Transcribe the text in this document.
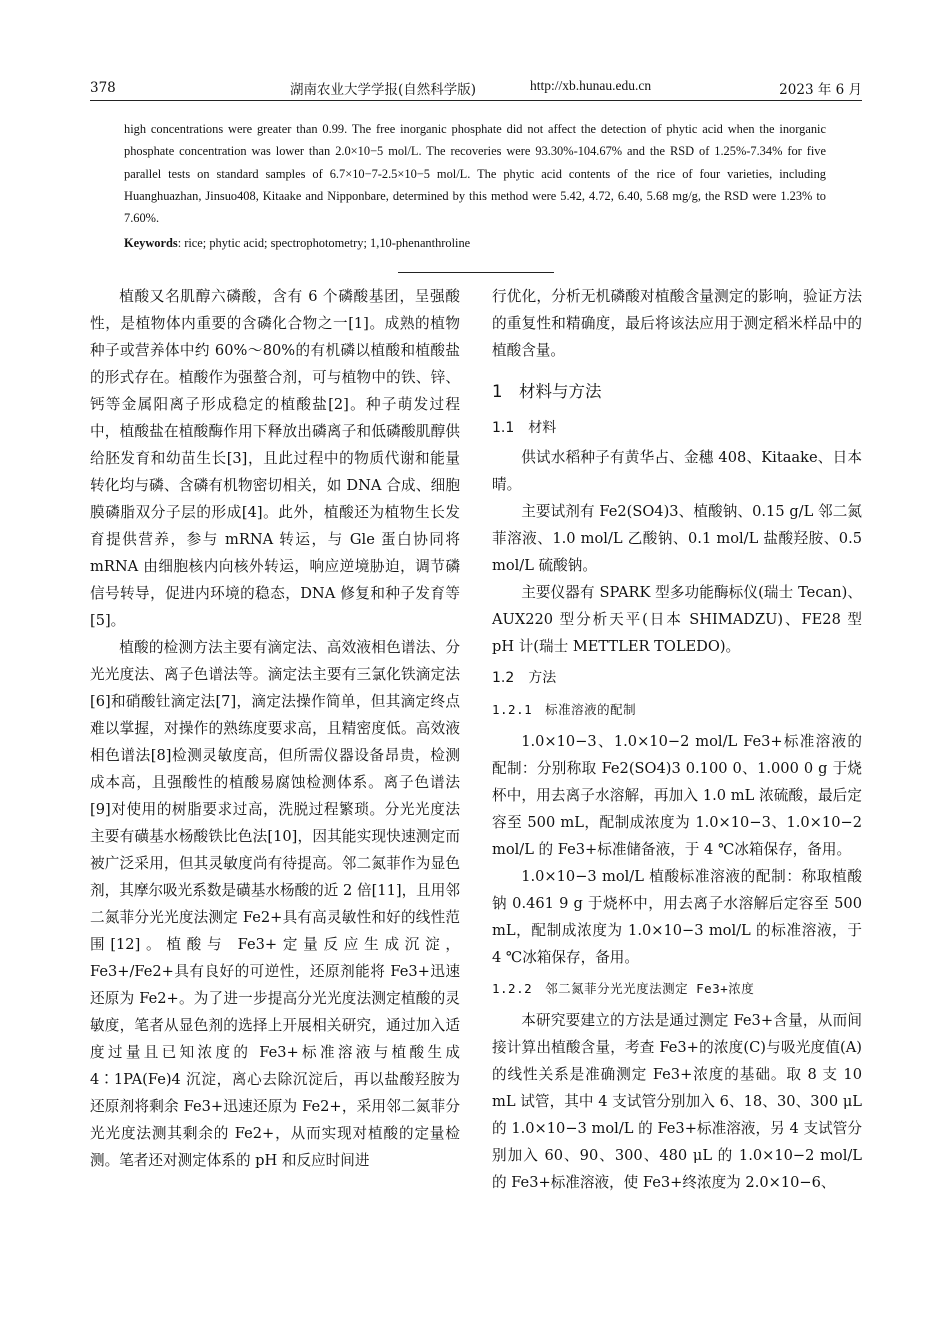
378	湖南农业大学学报(自然科学版)	http://xb.hunau.edu.cn	2023 年 6 月

high concentrations were greater than 0.99. The free inorganic phosphate did not affect the detection of phytic acid when the inorganic phosphate concentration was lower than 2.0×10−5 mol/L. The recoveries were 93.30%-104.67% and the RSD of 1.25%-7.34% for five parallel tests on standard samples of 6.7×10−7-2.5×10−5 mol/L. The phytic acid contents of the rice of four varieties, including Huanghuazhan, Jinsuo408, Kitaake and Nipponbare, determined by this method were 5.42, 4.72, 6.40, 5.68 mg/g, the RSD were 1.23% to 7.60%.

Keywords: rice; phytic acid; spectrophotometry; 1,10-phenanthroline

植酸又名肌醇六磷酸，含有 6 个磷酸基团，呈强酸性，是植物体内重要的含磷化合物之一[1]。成熟的植物种子或营养体中约 60%～80%的有机磷以植酸和植酸盐的形式存在。植酸作为强螯合剂，可与植物中的铁、锌、钙等金属阳离子形成稳定的植酸盐[2]。种子萌发过程中，植酸盐在植酸酶作用下释放出磷离子和低磷酸肌醇供给胚发育和幼苗生长[3]，且此过程中的物质代谢和能量转化均与磷、含磷有机物密切相关，如 DNA 合成、细胞膜磷脂双分子层的形成[4]。此外，植酸还为植物生长发育提供营养，参与 mRNA 转运，与 Gle 蛋白协同将 mRNA 由细胞核内向核外转运，响应逆境胁迫，调节磷信号转导，促进内环境的稳态，DNA 修复和种子发育等[5]。

植酸的检测方法主要有滴定法、高效液相色谱法、分光光度法、离子色谱法等。滴定法主要有三氯化铁滴定法[6]和硝酸钍滴定法[7]，滴定法操作简单，但其滴定终点难以掌握，对操作的熟练度要求高，且精密度低。高效液相色谱法[8]检测灵敏度高，但所需仪器设备昂贵，检测成本高，且强酸性的植酸易腐蚀检测体系。离子色谱法[9]对使用的树脂要求过高，洗脱过程繁琐。分光光度法主要有磺基水杨酸铁比色法[10]，因其能实现快速测定而被广泛采用，但其灵敏度尚有待提高。邻二氮菲作为显色剂，其摩尔吸光系数是磺基水杨酸的近 2 倍[11]，且用邻二氮菲分光光度法测定 Fe2+具有高灵敏性和好的线性范围[12]。植酸与 Fe3+定量反应生成沉淀，Fe3+/Fe2+具有良好的可逆性，还原剂能将 Fe3+迅速还原为 Fe2+。为了进一步提高分光光度法测定植酸的灵敏度，笔者从显色剂的选择上开展相关研究，通过加入适度过量且已知浓度的 Fe3+标准溶液与植酸生成 4∶1PA(Fe)4 沉淀，离心去除沉淀后，再以盐酸羟胺为还原剂将剩余 Fe3+迅速还原为 Fe2+，采用邻二氮菲分光光度法测其剩余的 Fe2+，从而实现对植酸的定量检测。笔者还对测定体系的 pH 和反应时间进

行优化，分析无机磷酸对植酸含量测定的影响，验证方法的重复性和精确度，最后将该法应用于测定稻米样品中的植酸含量。

1　材料与方法
1.1　材料

供试水稻种子有黄华占、金穗 408、Kitaake、日本晴。

主要试剂有 Fe2(SO4)3、植酸钠、0.15 g/L 邻二氮菲溶液、1.0 mol/L 乙酸钠、0.1 mol/L 盐酸羟胺、0.5 mol/L 硫酸钠。

主要仪器有 SPARK 型多功能酶标仪(瑞士 Tecan)、AUX220 型分析天平(日本 SHIMADZU)、FE28 型 pH 计(瑞士 METTLER TOLEDO)。

1.2　方法
1.2.1　标准溶液的配制

1.0×10−3、1.0×10−2 mol/L Fe3+标准溶液的配制：分别称取 Fe2(SO4)3 0.100 0、1.000 0 g 于烧杯中，用去离子水溶解，再加入 1.0 mL 浓硫酸，最后定容至 500 mL，配制成浓度为 1.0×10−3、1.0×10−2 mol/L 的 Fe3+标准储备液，于 4 ℃冰箱保存，备用。

1.0×10−3 mol/L 植酸标准溶液的配制：称取植酸钠 0.461 9 g 于烧杯中，用去离子水溶解后定容至 500 mL，配制成浓度为 1.0×10−3 mol/L 的标准溶液，于 4 ℃冰箱保存，备用。

1.2.2　邻二氮菲分光光度法测定 Fe3+浓度

本研究要建立的方法是通过测定 Fe3+含量，从而间接计算出植酸含量，考查 Fe3+的浓度(C)与吸光度值(A)的线性关系是准确测定 Fe3+浓度的基础。取 8 支 10 mL 试管，其中 4 支试管分别加入 6、18、30、300 μL 的 1.0×10−3 mol/L 的 Fe3+标准溶液，另 4 支试管分别加入 60、90、300、480 μL 的 1.0×10−2 mol/L 的 Fe3+标准溶液，使 Fe3+终浓度为 2.0×10−6、
